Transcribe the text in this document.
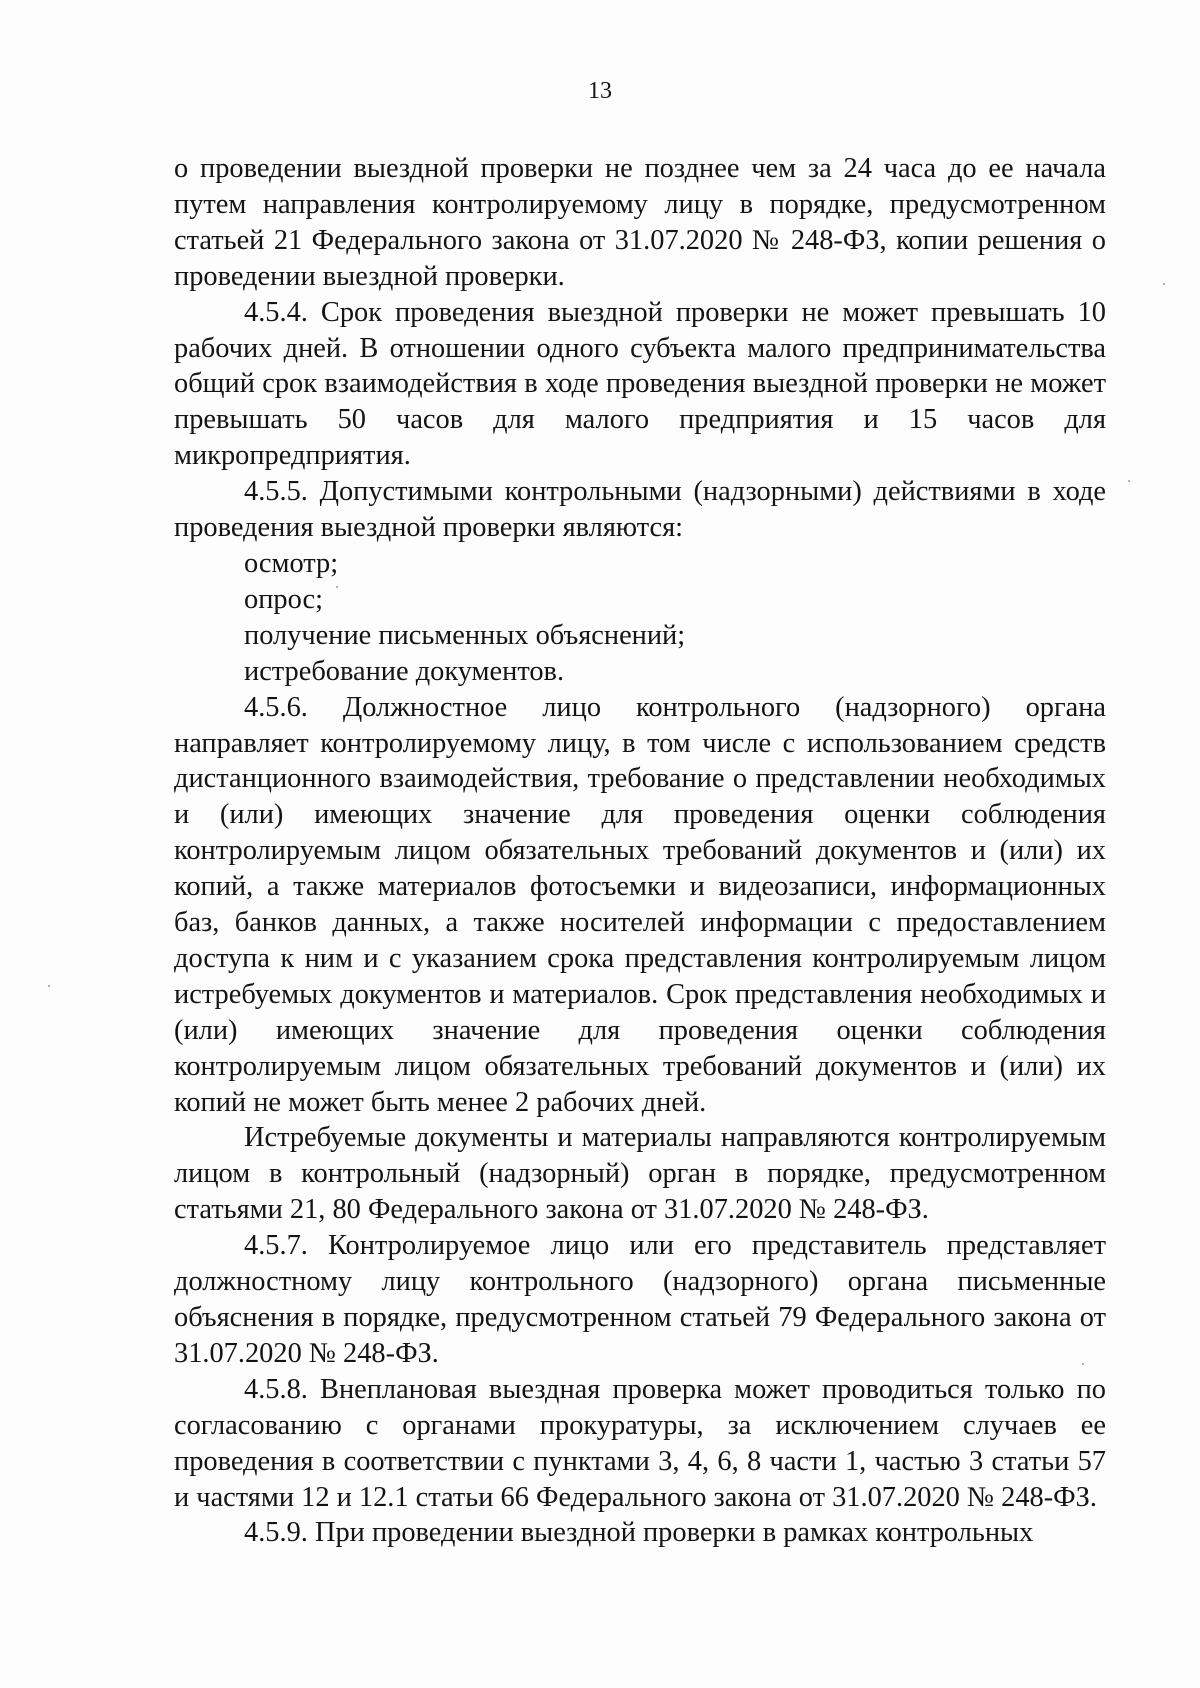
13

о проведении выездной проверки не позднее чем за 24 часа до ее начала путем направления контролируемому лицу в порядке, предусмотренном статьей 21 Федерального закона от 31.07.2020 № 248-ФЗ, копии решения о проведении выездной проверки.

4.5.4. Срок проведения выездной проверки не может превышать 10 рабочих дней. В отношении одного субъекта малого предпринимательства общий срок взаимодействия в ходе проведения выездной проверки не может превышать 50 часов для малого предприятия и 15 часов для микропредприятия.

4.5.5. Допустимыми контрольными (надзорными) действиями в ходе проведения выездной проверки являются:

осмотр;

опрос;

получение письменных объяснений;

истребование документов.

4.5.6. Должностное лицо контрольного (надзорного) органа направляет контролируемому лицу, в том числе с использованием средств дистанционного взаимодействия, требование о представлении необходимых и (или) имеющих значение для проведения оценки соблюдения контролируемым лицом обязательных требований документов и (или) их копий, а также материалов фотосъемки и видеозаписи, информационных баз, банков данных, а также носителей информации с предоставлением доступа к ним и с указанием срока представления контролируемым лицом истребуемых документов и материалов. Срок представления необходимых и (или) имеющих значение для проведения оценки соблюдения контролируемым лицом обязательных требований документов и (или) их копий не может быть менее 2 рабочих дней.

Истребуемые документы и материалы направляются контролируемым лицом в контрольный (надзорный) орган в порядке, предусмотренном статьями 21, 80 Федерального закона от 31.07.2020 № 248-ФЗ.

4.5.7. Контролируемое лицо или его представитель представляет должностному лицу контрольного (надзорного) органа письменные объяснения в порядке, предусмотренном статьей 79 Федерального закона от 31.07.2020 № 248-ФЗ.

4.5.8. Внеплановая выездная проверка может проводиться только по согласованию с органами прокуратуры, за исключением случаев ее проведения в соответствии с пунктами 3, 4, 6, 8 части 1, частью 3 статьи 57 и частями 12 и 12.1 статьи 66 Федерального закона от 31.07.2020 № 248-ФЗ.

4.5.9. При проведении выездной проверки в рамках контрольных
